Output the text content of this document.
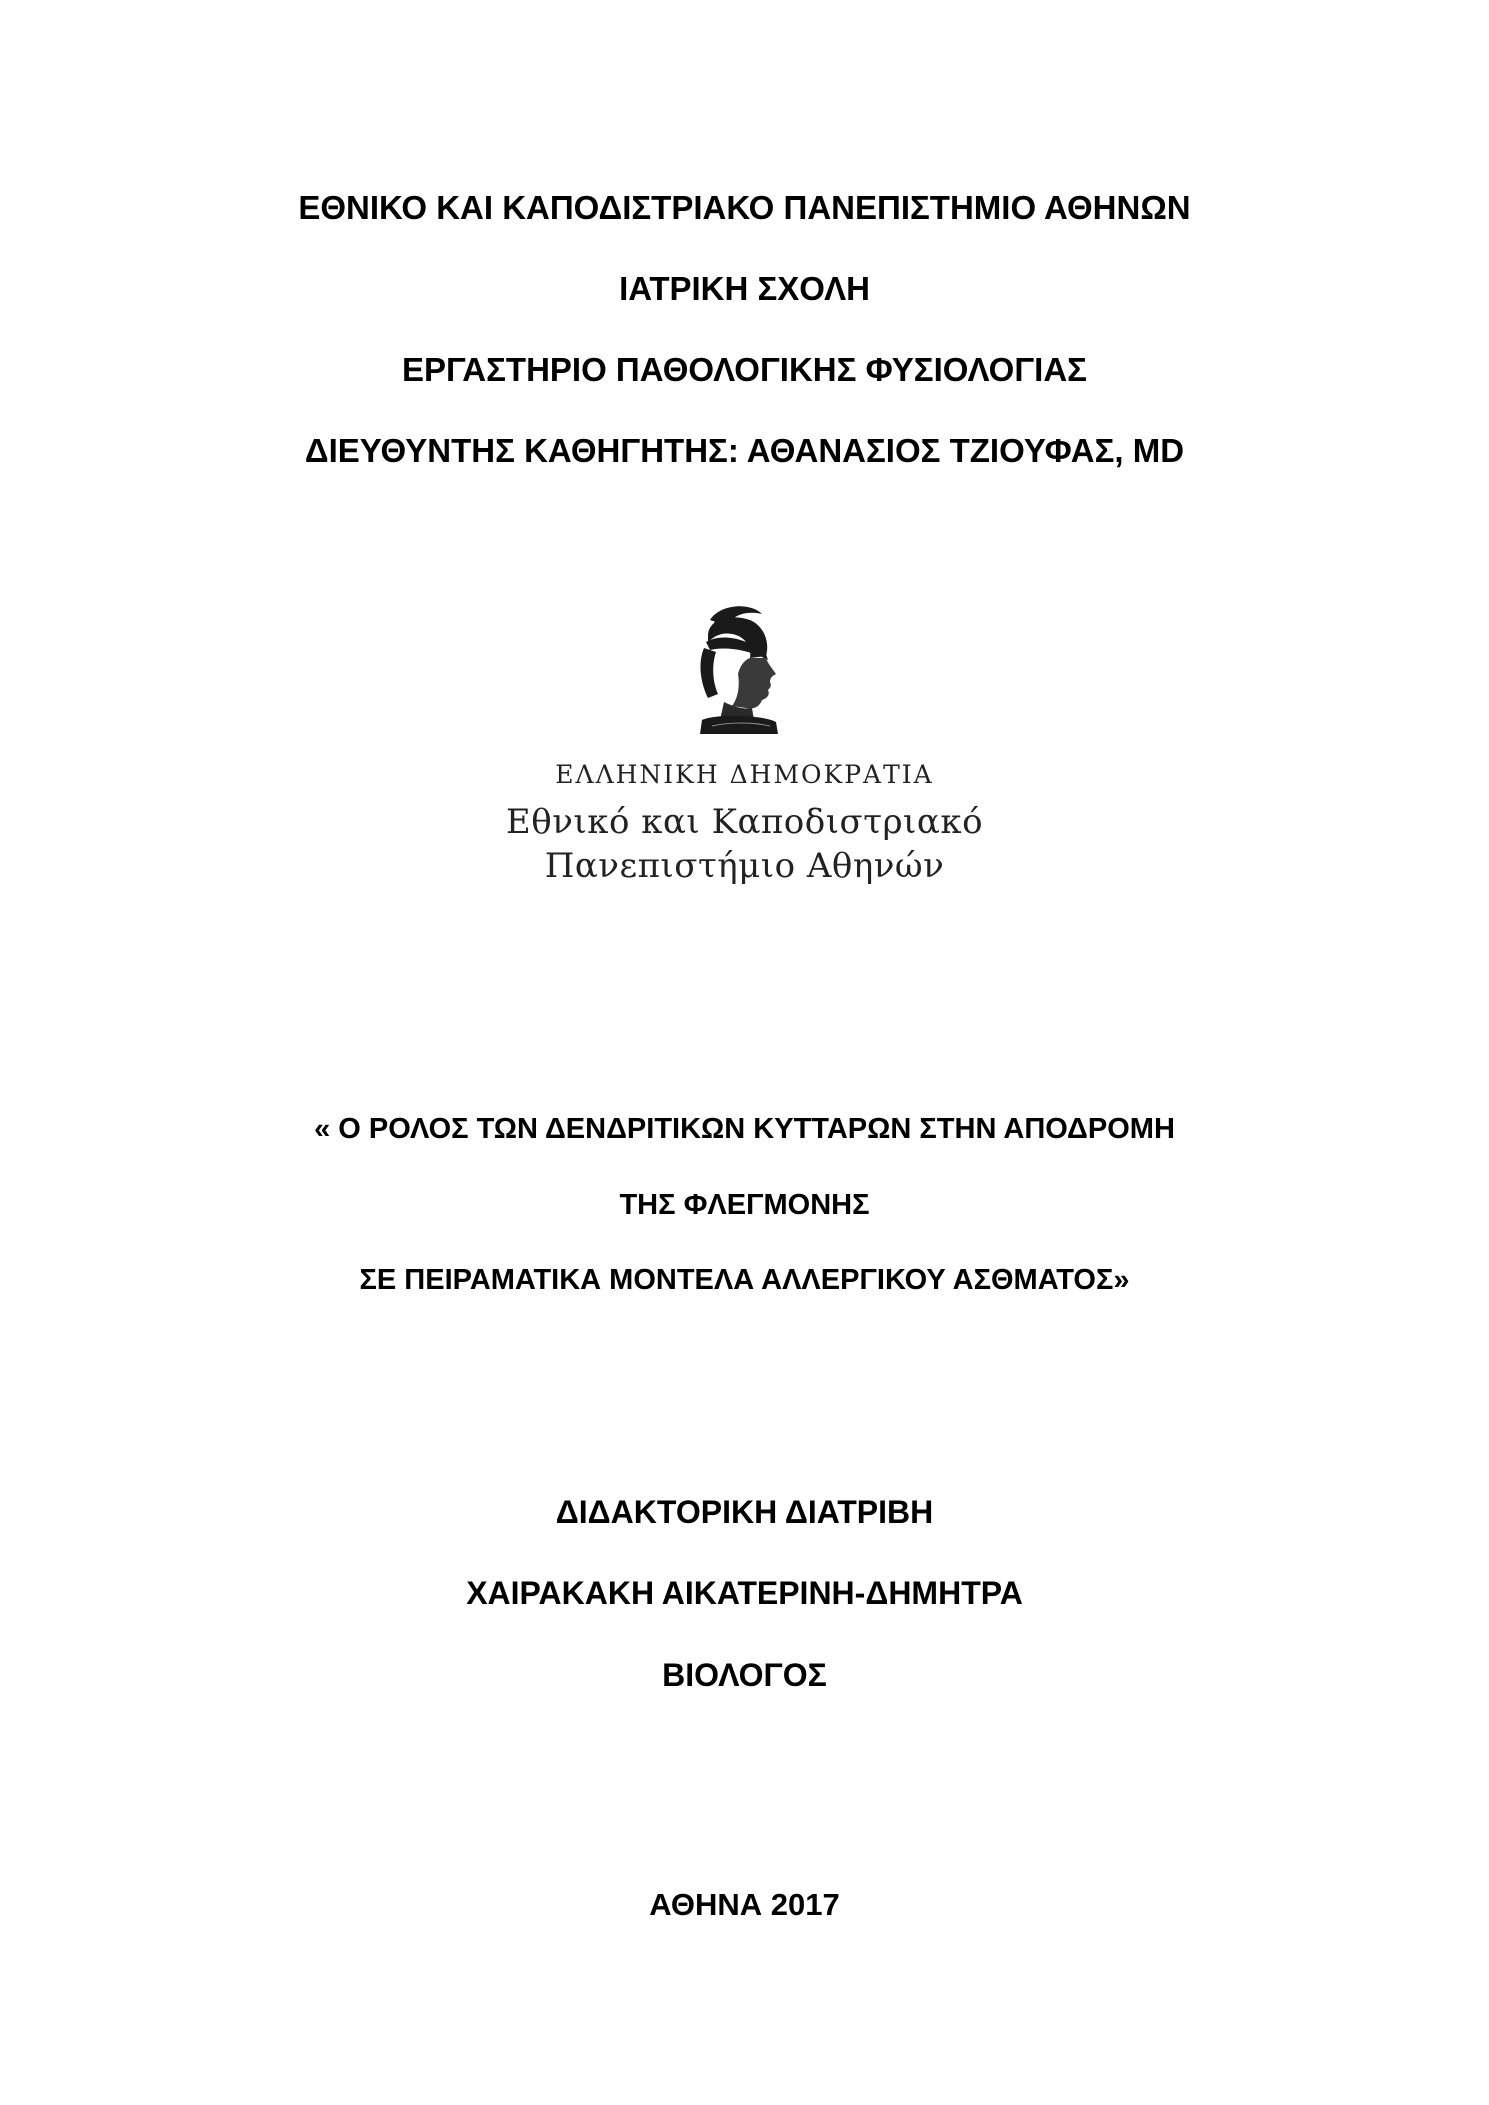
ΕΘΝΙΚΟ ΚΑΙ ΚΑΠΟΔΙΣΤΡΙΑΚΟ ΠΑΝΕΠΙΣΤΗΜΙΟ ΑΘΗΝΩΝ

ΙΑΤΡΙΚΗ ΣΧΟΛΗ

ΕΡΓΑΣΤΗΡΙΟ ΠΑΘΟΛΟΓΙΚΗΣ ΦΥΣΙΟΛΟΓΙΑΣ

ΔΙΕΥΘΥΝΤΗΣ ΚΑΘΗΓΗΤΗΣ: ΑΘΑΝΑΣΙΟΣ ΤΖΙΟΥΦΑΣ, MD

ΕΛΛΗΝΙΚΗ ΔΗΜΟΚΡΑΤΙΑ
Εθνικό και Καποδιστριακό
Πανεπιστήμιο Αθηνών

« Ο ΡΟΛΟΣ ΤΩΝ ΔΕΝΔΡΙΤΙΚΩΝ ΚΥΤΤΑΡΩΝ ΣΤΗΝ ΑΠΟΔΡΟΜΗ

ΤΗΣ ΦΛΕΓΜΟΝΗΣ

ΣΕ ΠΕΙΡΑΜΑΤΙΚΑ ΜΟΝΤΕΛΑ ΑΛΛΕΡΓΙΚΟΥ ΑΣΘΜΑΤΟΣ»

ΔΙΔΑΚΤΟΡΙΚΗ ΔΙΑΤΡΙΒΗ

ΧΑΙΡΑΚΑΚΗ ΑΙΚΑΤΕΡΙΝΗ-ΔΗΜΗΤΡΑ

ΒΙΟΛΟΓΟΣ

ΑΘΗΝΑ 2017
